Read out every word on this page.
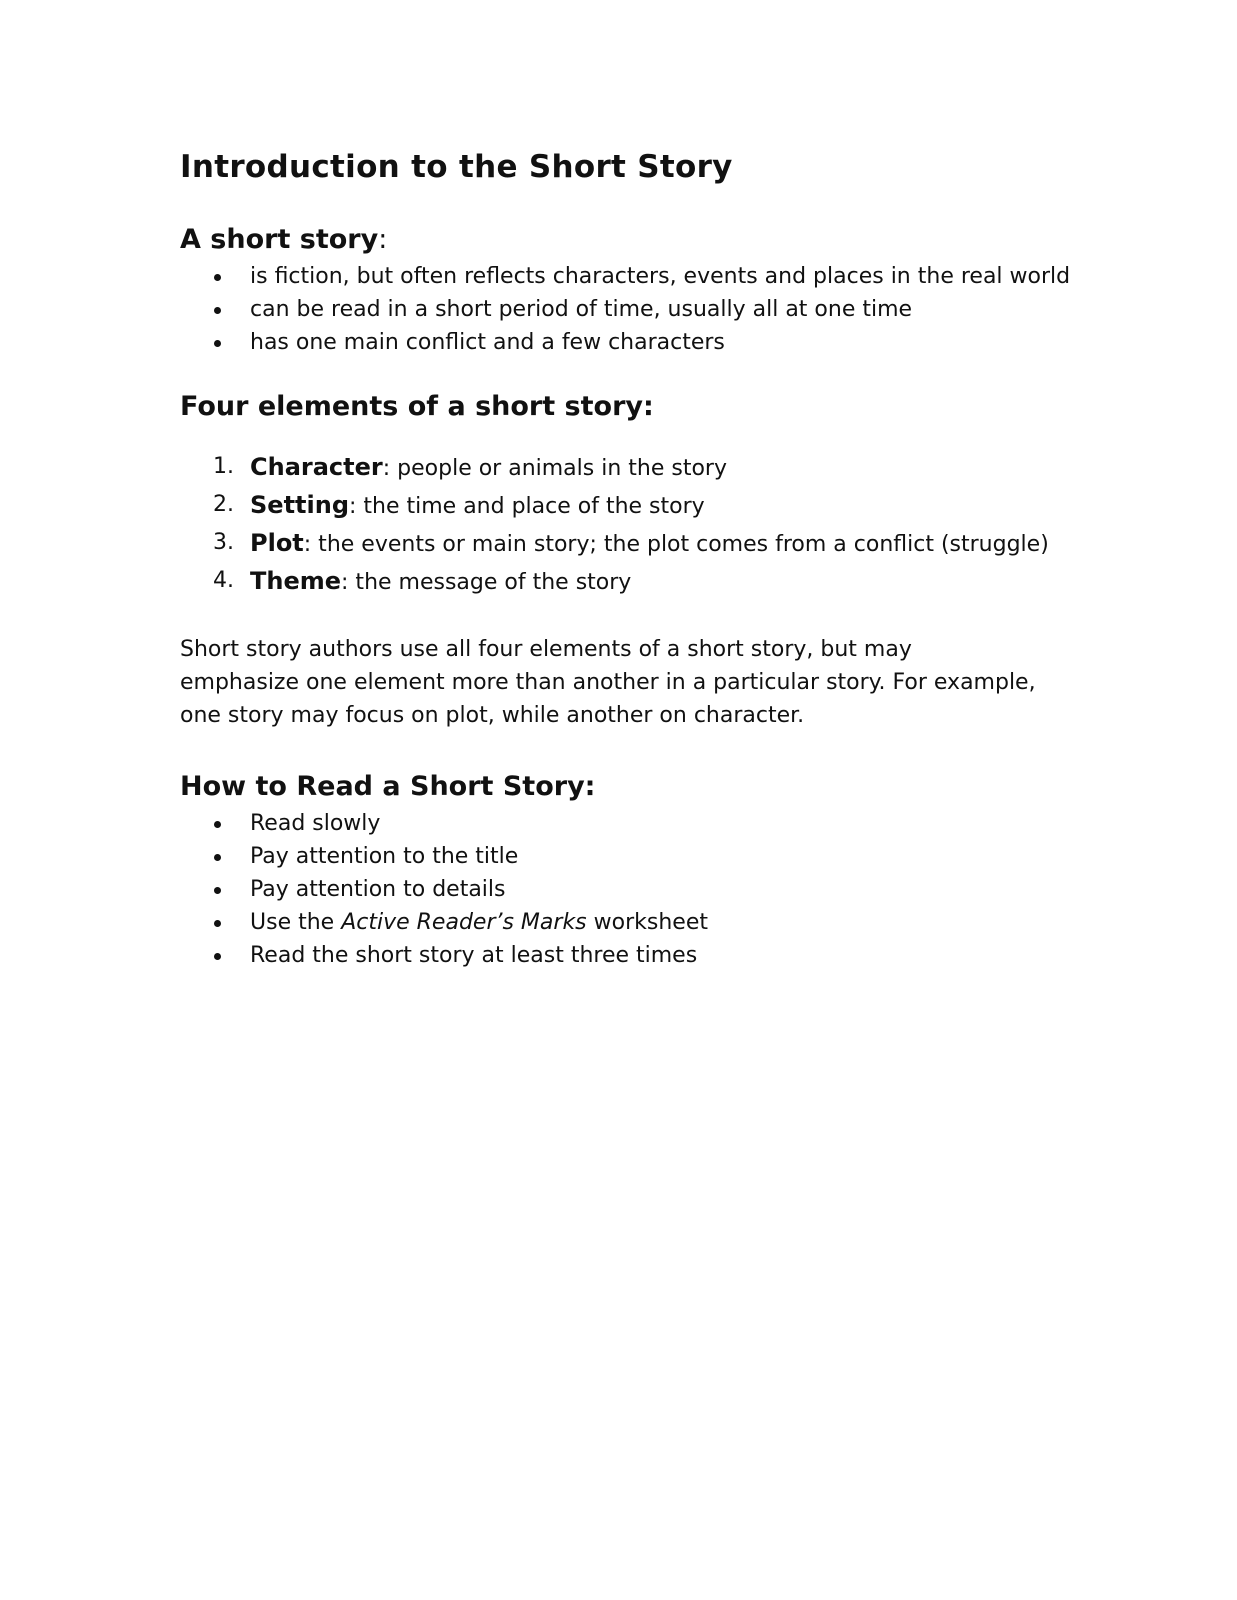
Introduction to the Short Story
A short story:
is fiction, but often reflects characters, events and places in the real world
can be read in a short period of time, usually all at one time
has one main conflict and a few characters
Four elements of a short story:
1. Character: people or animals in the story
2. Setting: the time and place of the story
3. Plot: the events or main story; the plot comes from a conflict (struggle)
4. Theme: the message of the story

Short story authors use all four elements of a short story, but may
emphasize one element more than another in a particular story. For example,
one story may focus on plot, while another on character.

How to Read a Short Story:
Read slowly
Pay attention to the title
Pay attention to details
Use the Active Reader’s Marks worksheet
Read the short story at least three times
